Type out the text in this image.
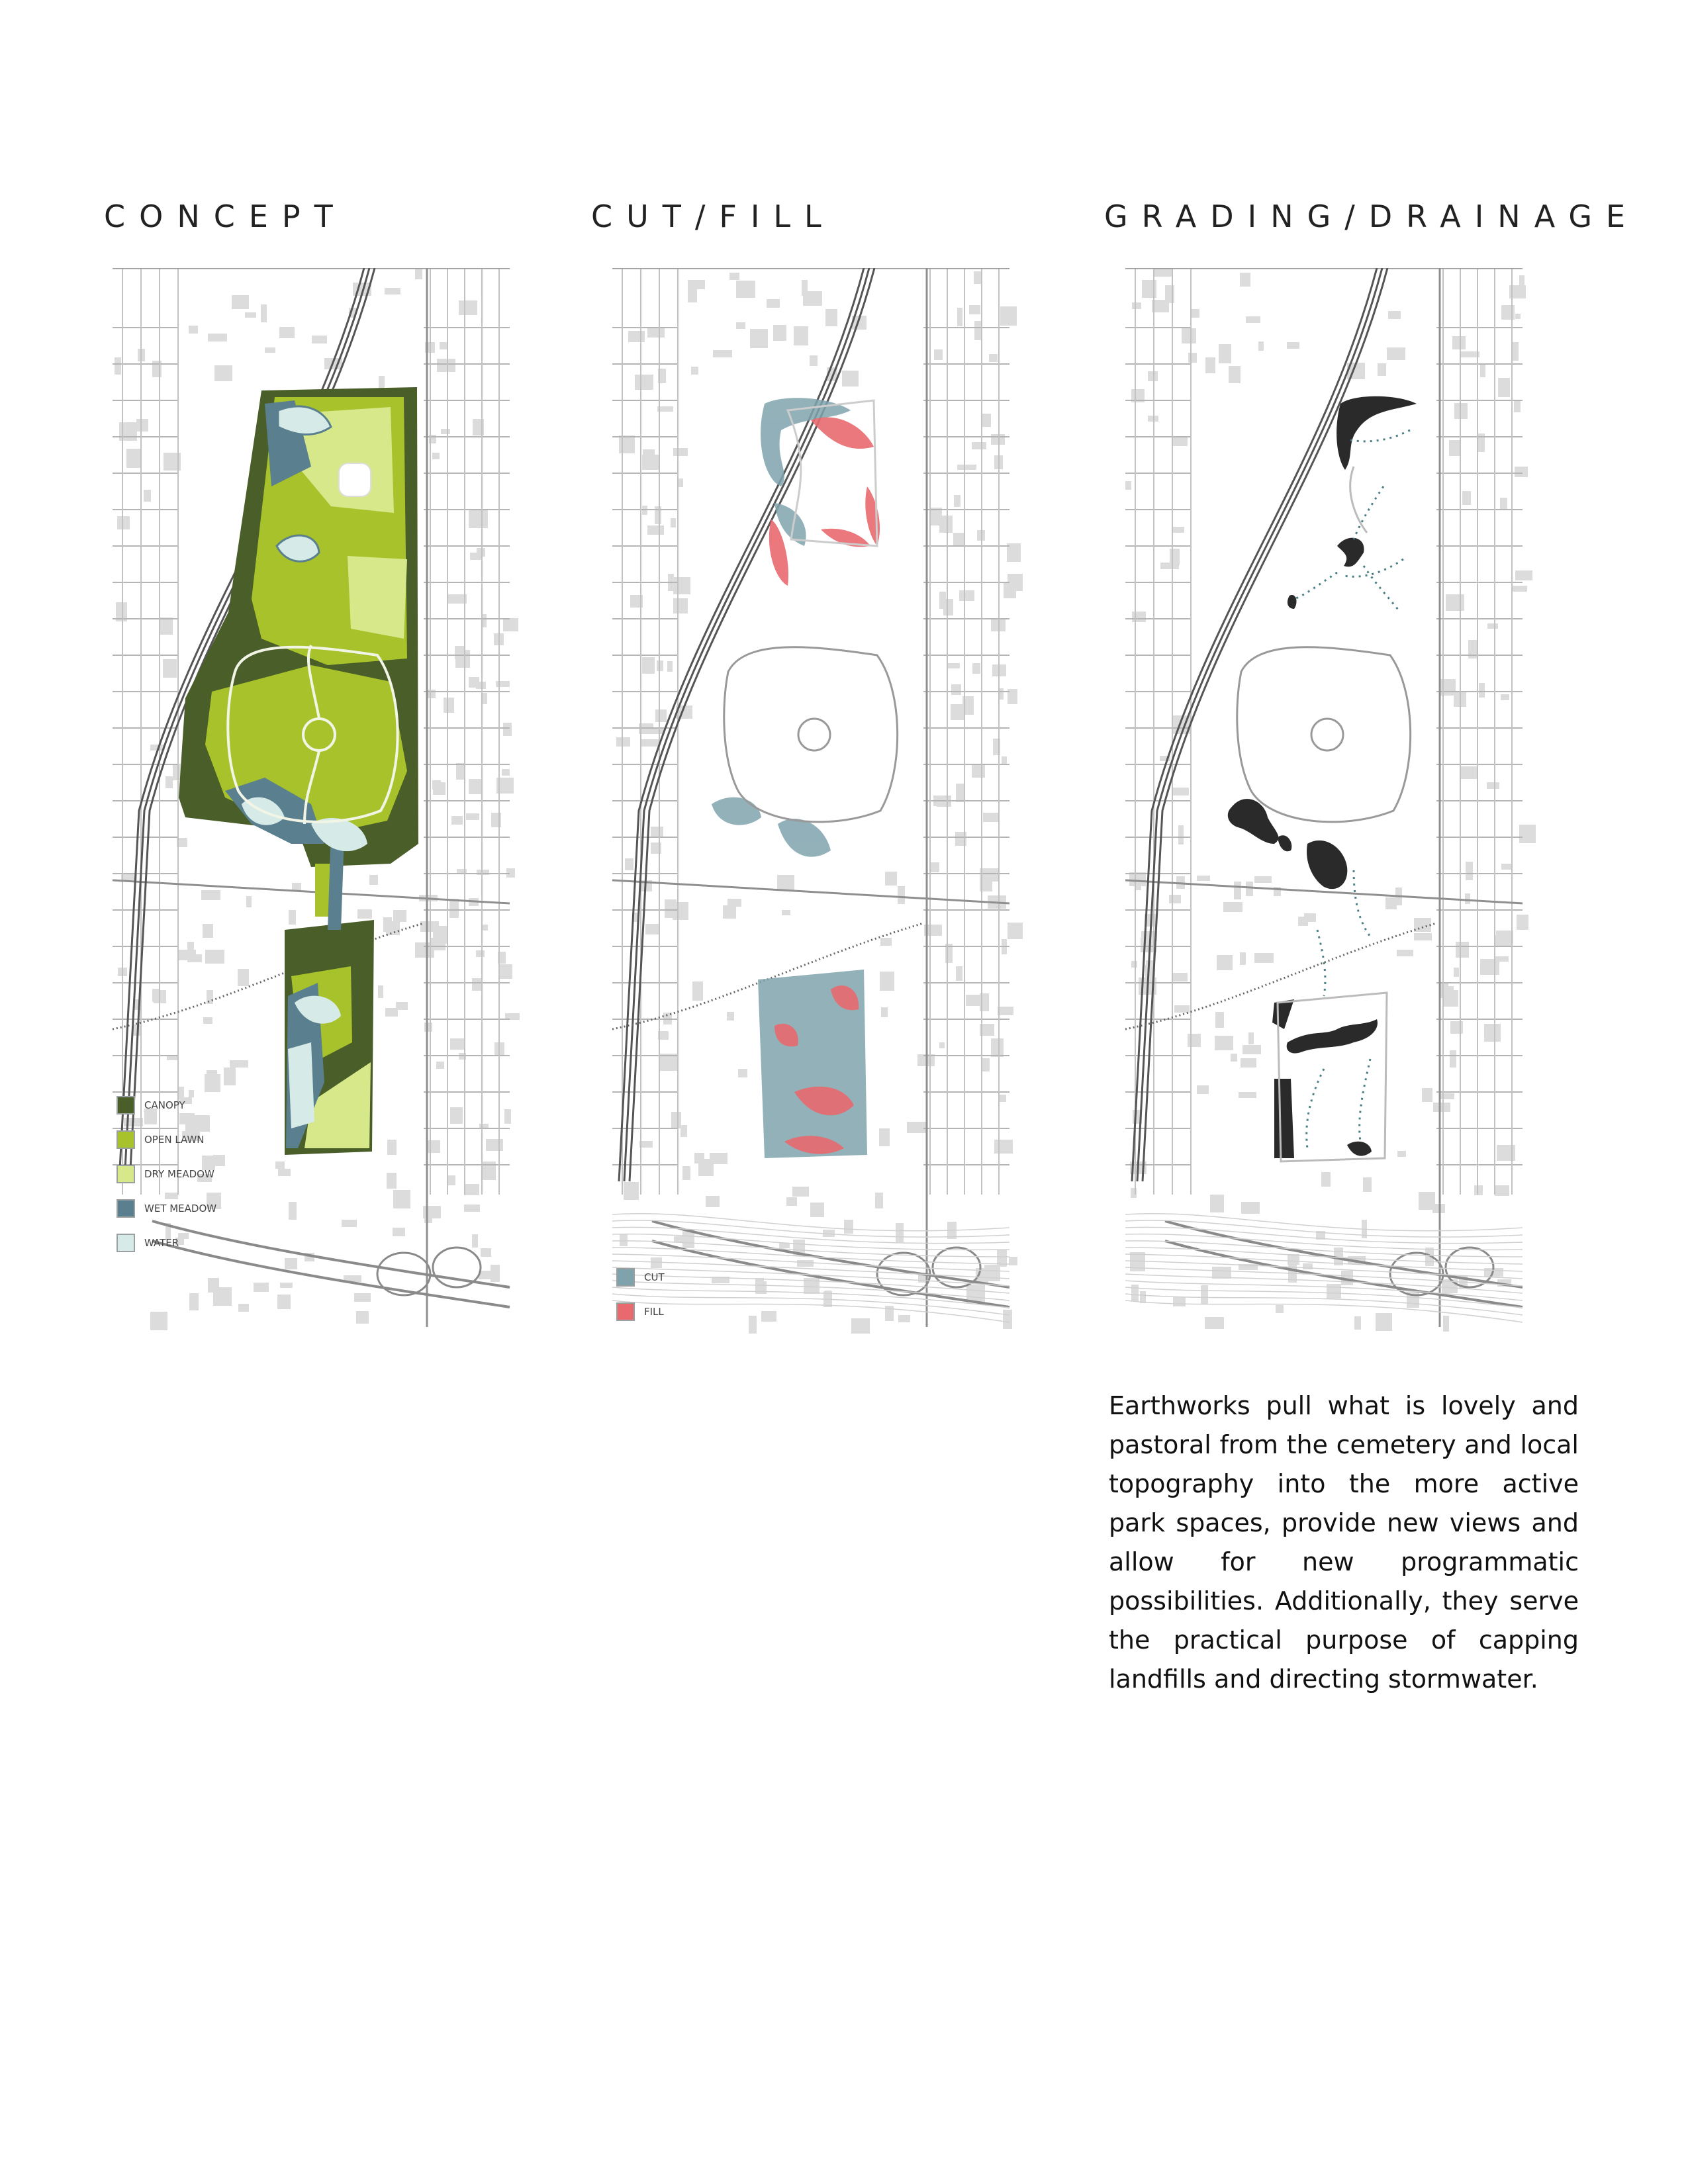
CONCEPT	CUT/FILL	GRADING/DRAINAGE
CANOPY
OPEN LAWN
DRY MEADOW
WET MEADOW
WATER
CUT
FILL

Earthworks pull what is lovely and pastoral from the cemetery and local topography into the more active park spaces, provide new views and allow for new programmatic possibilities. Additionally, they serve the practical purpose of capping landfills and directing stormwater.
